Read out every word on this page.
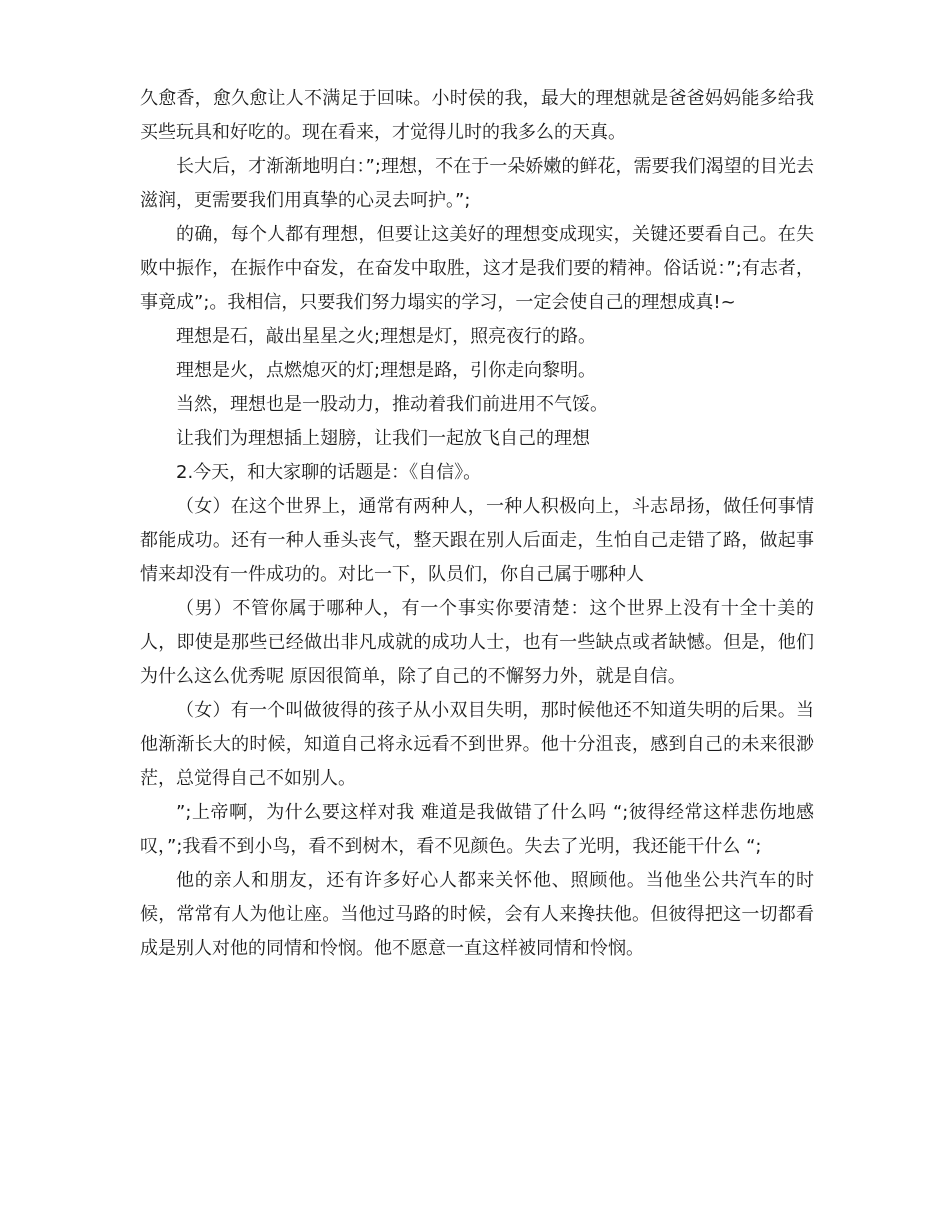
久愈香，愈久愈让人不满足于回味。小时侯的我，最大的理想就是爸爸妈妈能多给我买些玩具和好吃的。现在看来，才觉得儿时的我多么的天真。

长大后，才渐渐地明白：”;理想，不在于一朵娇嫩的鲜花，需要我们渴望的目光去滋润，更需要我们用真挚的心灵去呵护。”;

的确，每个人都有理想，但要让这美好的理想变成现实，关键还要看自己。在失败中振作，在振作中奋发，在奋发中取胜，这才是我们要的精神。俗话说：”;有志者，事竟成”;。我相信，只要我们努力塌实的学习，一定会使自己的理想成真!~

理想是石，敲出星星之火;理想是灯，照亮夜行的路。

理想是火，点燃熄灭的灯;理想是路，引你走向黎明。

当然，理想也是一股动力，推动着我们前进用不气馁。

让我们为理想插上翅膀，让我们一起放飞自己的理想

2.今天，和大家聊的话题是：《自信》。

（女）在这个世界上，通常有两种人，一种人积极向上，斗志昂扬，做任何事情都能成功。还有一种人垂头丧气，整天跟在别人后面走，生怕自己走错了路，做起事情来却没有一件成功的。对比一下，队员们，你自己属于哪种人

（男）不管你属于哪种人，有一个事实你要清楚：这个世界上没有十全十美的人，即使是那些已经做出非凡成就的成功人士，也有一些缺点或者缺憾。但是，他们为什么这么优秀呢 原因很简单，除了自己的不懈努力外，就是自信。

（女）有一个叫做彼得的孩子从小双目失明，那时候他还不知道失明的后果。当他渐渐长大的时候，知道自己将永远看不到世界。他十分沮丧，感到自己的未来很渺茫，总觉得自己不如别人。

”;上帝啊，为什么要这样对我 难道是我做错了什么吗 “;彼得经常这样悲伤地感叹，”;我看不到小鸟，看不到树木，看不见颜色。失去了光明，我还能干什么 “;

他的亲人和朋友，还有许多好心人都来关怀他、照顾他。当他坐公共汽车的时候，常常有人为他让座。当他过马路的时候，会有人来搀扶他。但彼得把这一切都看成是别人对他的同情和怜悯。他不愿意一直这样被同情和怜悯。
